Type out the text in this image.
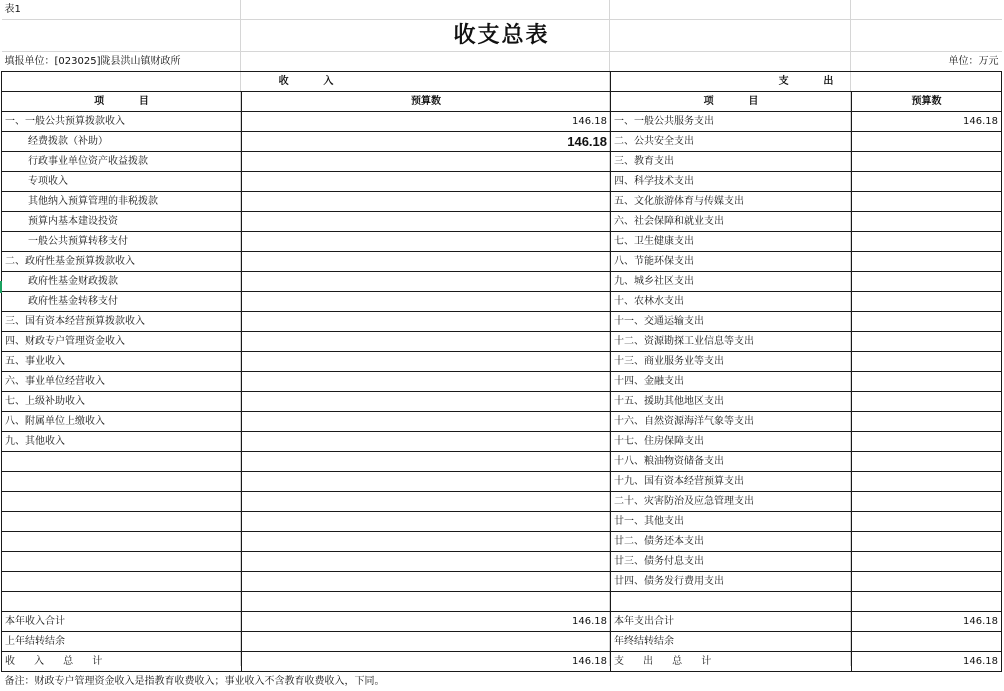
表1			
收支总表			
填报单位：[023025]陇县洪山镇财政所			单位：万元
收          入		支          出	
项          目	预算数	项          目	预算数
一、一般公共预算拨款收入	146.18	一、一般公共服务支出	146.18
经费拨款（补助）	146.18	二、公共安全支出	
行政事业单位资产收益拨款		三、教育支出	
专项收入		四、科学技术支出	
其他纳入预算管理的非税拨款		五、文化旅游体育与传媒支出	
预算内基本建设投资		六、社会保障和就业支出	
一般公共预算转移支付		七、卫生健康支出	
二、政府性基金预算拨款收入		八、节能环保支出	
政府性基金财政拨款		九、城乡社区支出	
政府性基金转移支付		十、农林水支出	
三、国有资本经营预算拨款收入		十一、交通运输支出	
四、财政专户管理资金收入		十二、资源勘探工业信息等支出	
五、事业收入		十三、商业服务业等支出	
六、事业单位经营收入		十四、金融支出	
七、上级补助收入		十五、援助其他地区支出	
八、附属单位上缴收入		十六、自然资源海洋气象等支出	
九、其他收入		十七、住房保障支出	
		十八、粮油物资储备支出	
		十九、国有资本经营预算支出	
		二十、灾害防治及应急管理支出	
		廿一、其他支出	
		廿二、债务还本支出	
		廿三、债务付息支出	
		廿四、债务发行费用支出	

本年收入合计	146.18	本年支出合计	146.18
上年结转结余		年终结转结余	
收      入      总      计	146.18	支      出      总      计	146.18
备注：财政专户管理资金收入是指教育收费收入；事业收入不含教育收费收入，下同。			
